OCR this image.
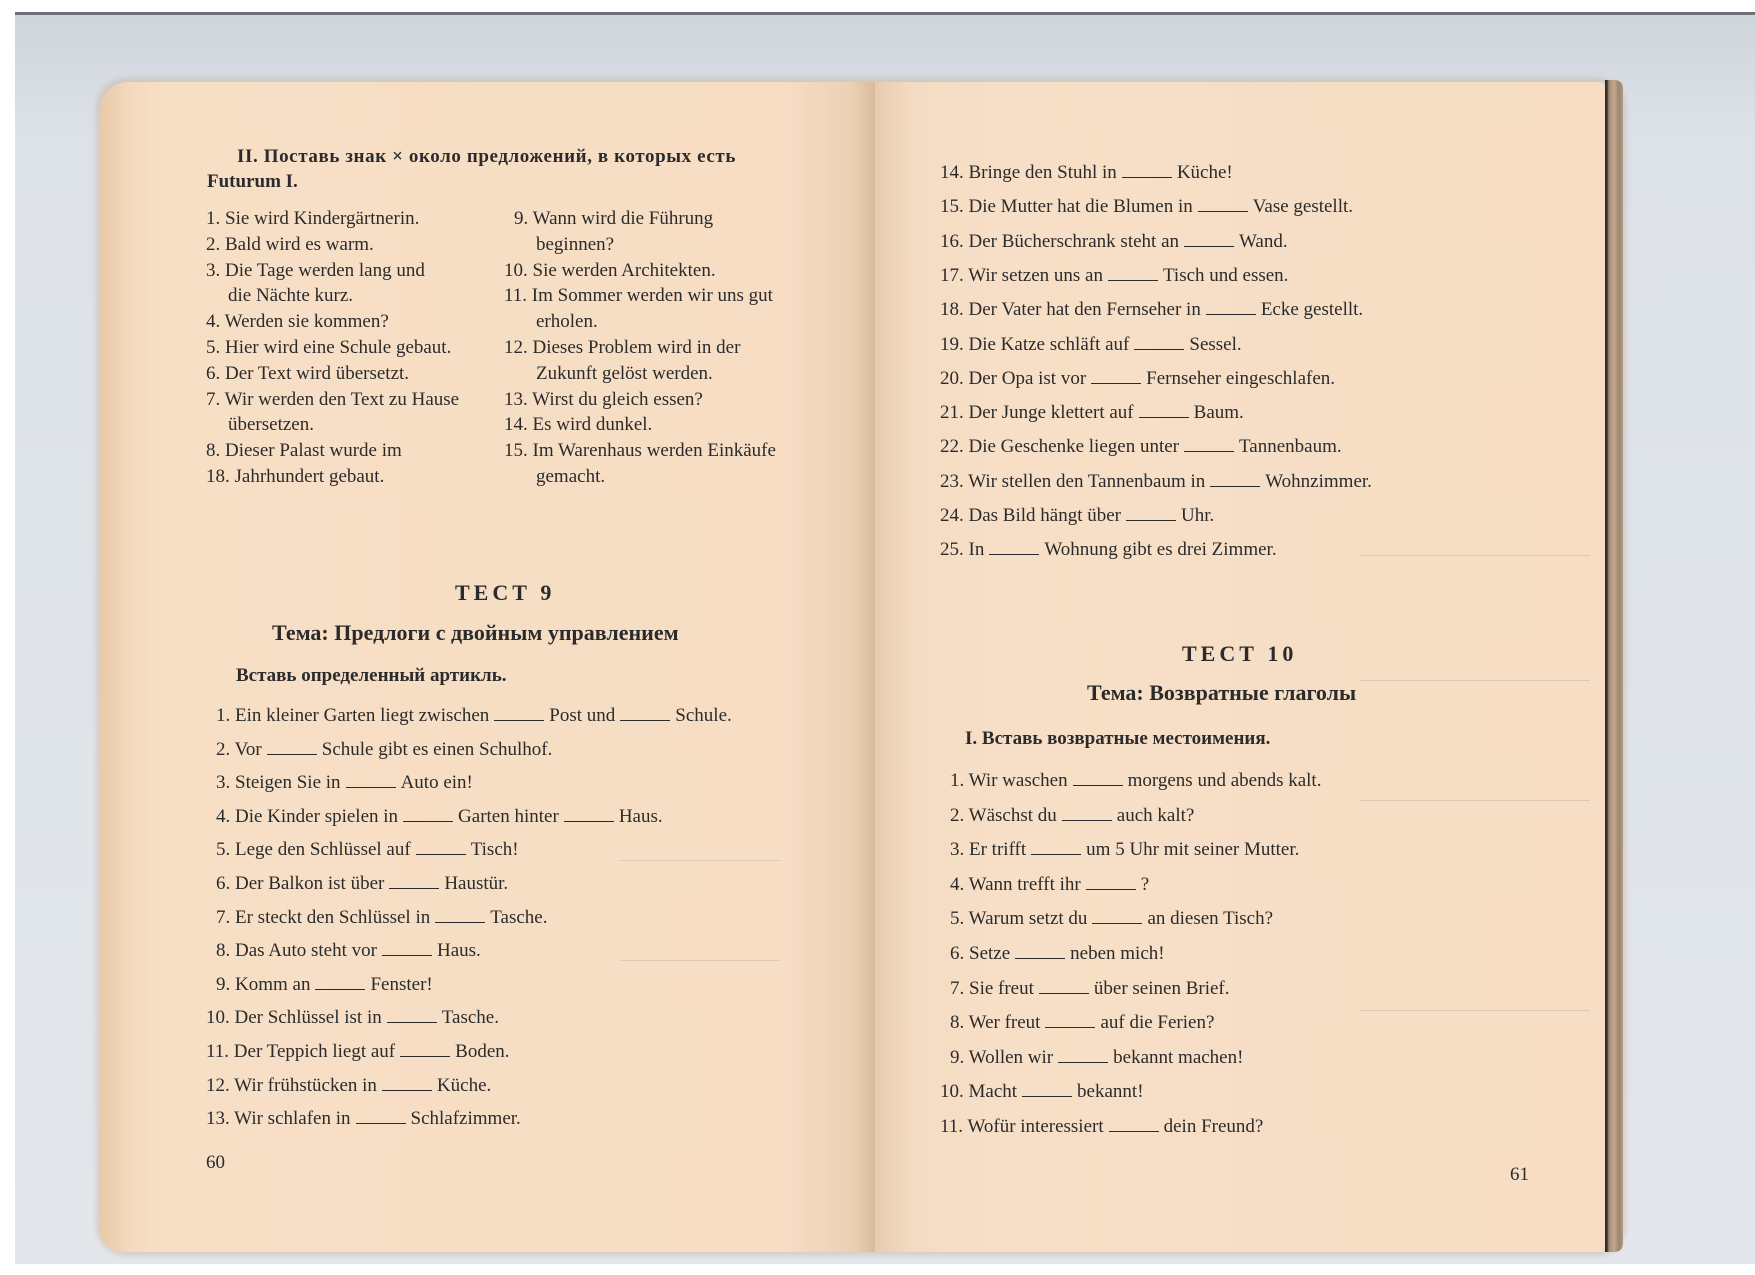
II. Поставь знак × около предложений, в которых есть
Futurum I.
1. Sie wird Kindergärtnerin.
2. Bald wird es warm.
3. Die Tage werden lang und
die Nächte kurz.
4. Werden sie kommen?
5. Hier wird eine Schule gebaut.
6. Der Text wird übersetzt.
7. Wir werden den Text zu Hause
übersetzen.
8. Dieser Palast wurde im
18. Jahrhundert gebaut.
9. Wann wird die Führung
beginnen?
10. Sie werden Architekten.
11. Im Sommer werden wir uns gut
erholen.
12. Dieses Problem wird in der
Zukunft gelöst werden.
13. Wirst du gleich essen?
14. Es wird dunkel.
15. Im Warenhaus werden Einkäufe
gemacht.
ТЕСТ 9
Тема: Предлоги с двойным управлением
Вставь определенный артикль.
1. Ein kleiner Garten liegt zwischen	Post und	Schule.
2. Vor	Schule gibt es einen Schulhof.
3. Steigen Sie in	Auto ein!
4. Die Kinder spielen in	Garten hinter	Haus.
5. Lege den Schlüssel auf	Tisch!
6. Der Balkon ist über	Haustür.
7. Er steckt den Schlüssel in	Tasche.
8. Das Auto steht vor	Haus.
9. Komm an	Fenster!
10. Der Schlüssel ist in	Tasche.
11. Der Teppich liegt auf	Boden.
12. Wir frühstücken in	Küche.
13. Wir schlafen in	Schlafzimmer.
60
14. Bringe den Stuhl in	Küche!
15. Die Mutter hat die Blumen in	Vase gestellt.
16. Der Bücherschrank steht an	Wand.
17. Wir setzen uns an	Tisch und essen.
18. Der Vater hat den Fernseher in	Ecke gestellt.
19. Die Katze schläft auf	Sessel.
20. Der Opa ist vor	Fernseher eingeschlafen.
21. Der Junge klettert auf	Baum.
22. Die Geschenke liegen unter	Tannenbaum.
23. Wir stellen den Tannenbaum in	Wohnzimmer.
24. Das Bild hängt über	Uhr.
25. In	Wohnung gibt es drei Zimmer.
ТЕСТ 10
Тема: Возвратные глаголы
I. Вставь возвратные местоимения.
1. Wir waschen	morgens und abends kalt.
2. Wäschst du	auch kalt?
3. Er trifft	um 5 Uhr mit seiner Mutter.
4. Wann trefft ihr	?
5. Warum setzt du	an diesen Tisch?
6. Setze	neben mich!
7. Sie freut	über seinen Brief.
8. Wer freut	auf die Ferien?
9. Wollen wir	bekannt machen!
10. Macht	bekannt!
11. Wofür interessiert	dein Freund?
61
